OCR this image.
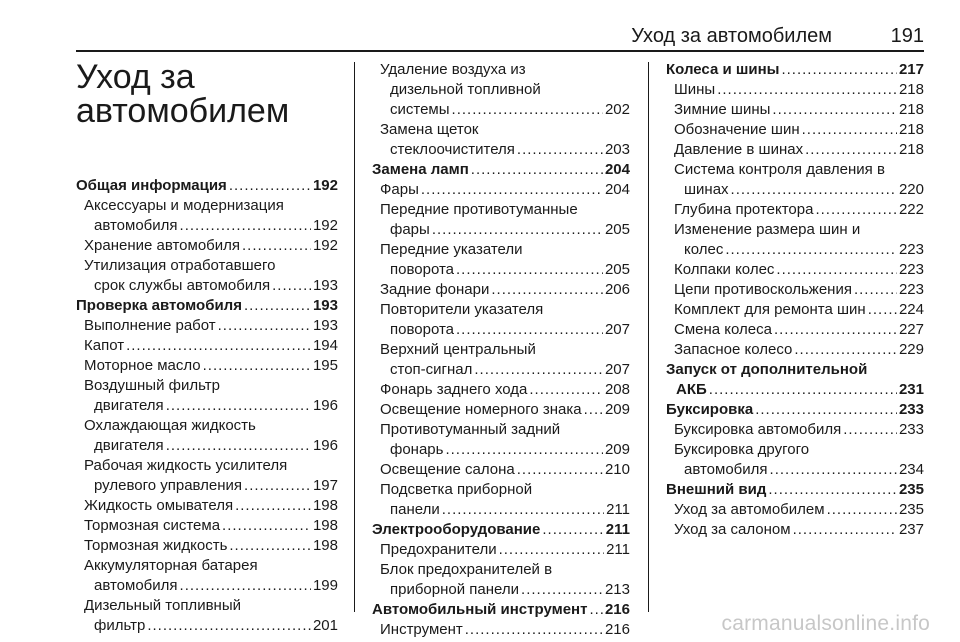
Уход за автомобилем	191
Уход за
автомобилем
Общая информация .....	192
Аксессуары и модернизация
автомобиля .....	192
Хранение автомобиля .....	192
Утилизация отработавшего
срок службы автомобиля .....	193
Проверка автомобиля .....	193
Выполнение работ .....	193
Капот .....	194
Моторное масло .....	195
Воздушный фильтр
двигателя .....	196
Охлаждающая жидкость
двигателя .....	196
Рабочая жидкость усилителя
рулевого управления .....	197
Жидкость омывателя .....	198
Тормозная система .....	198
Тормозная жидкость .....	198
Аккумуляторная батарея
автомобиля .....	199
Дизельный топливный
фильтр .....	201
Удаление воздуха из
дизельной топливной
системы .....	202
Замена щеток
стеклоочистителя .....	203
Замена ламп .....	204
Фары .....	204
Передние противотуманные
фары .....	205
Передние указатели
поворота .....	205
Задние фонари .....	206
Повторители указателя
поворота .....	207
Верхний центральный
стоп-сигнал .....	207
Фонарь заднего хода .....	208
Освещение номерного знака ..... 209
Противотуманный задний
фонарь .....	209
Освещение салона .....	210
Подсветка приборной
панели .....	211
Электрооборудование .....	211
Предохранители .....	211
Блок предохранителей в
приборной панели .....	213
Автомобильный инструмент ..... 216
Инструмент .....	216
Колеса и шины .....	217
Шины .....	218
Зимние шины .....	218
Обозначение шин .....	218
Давление в шинах .....	218
Система контроля давления в
шинах .....	220
Глубина протектора .....	222
Изменение размера шин и
колес .....	223
Колпаки колес .....	223
Цепи противоскольжения .....	223
Комплект для ремонта шин ..... 224
Смена колеса .....	227
Запасное колесо .....	229
Запуск от дополнительной
АКБ .....	231
Буксировка .....	233
Буксировка автомобиля .....	233
Буксировка другого
автомобиля .....	234
Внешний вид .....	235
Уход за автомобилем .....	235
Уход за салоном .....	237
carmanualsonline.info
